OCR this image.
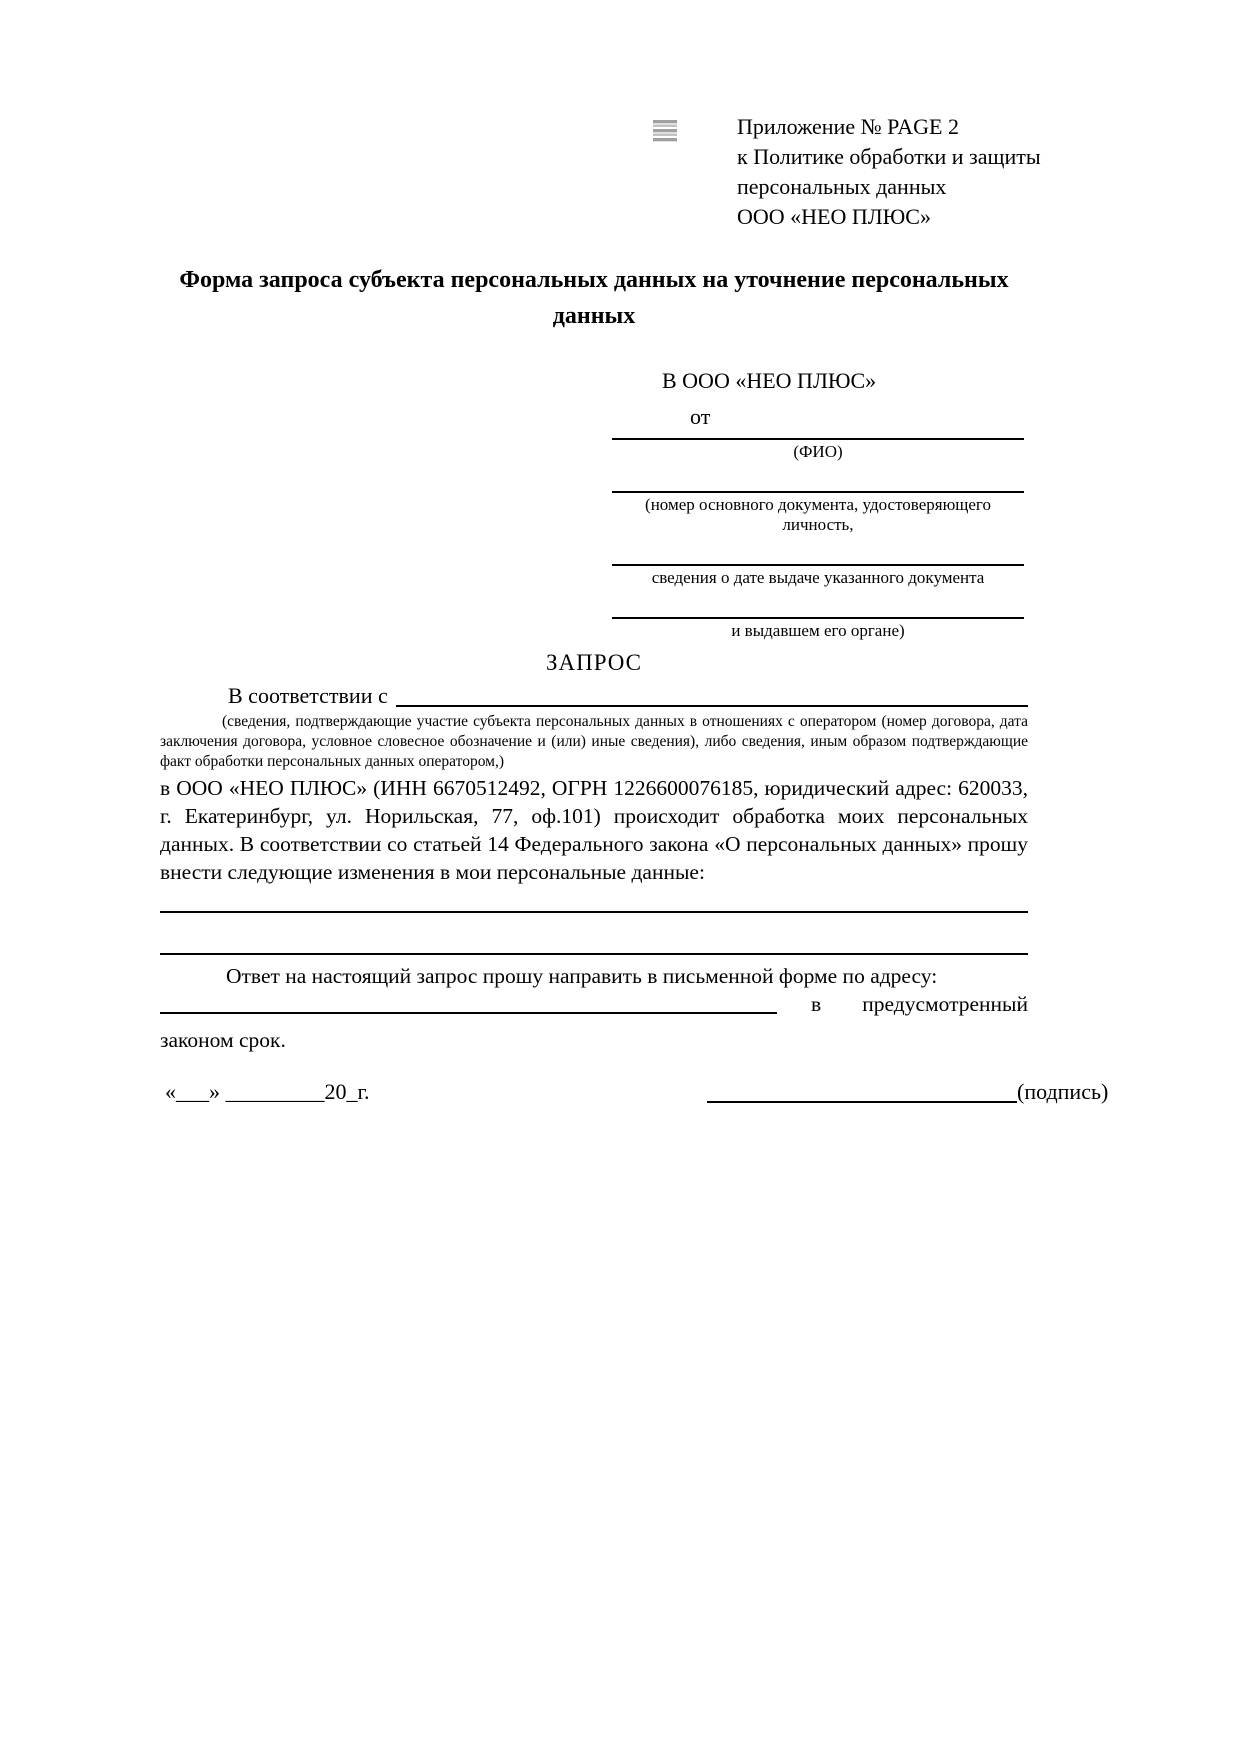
Приложение № PAGE 2
к Политике обработки и защиты
персональных данных
ООО «НЕО ПЛЮС»
Форма запроса субъекта персональных данных на уточнение персональных данных
В ООО «НЕО ПЛЮС»
от
(ФИО)
(номер основного документа, удостоверяющего личность,
сведения о дате выдаче указанного документа
и выдавшем его органе)
ЗАПРОС
В соответствии с
(сведения, подтверждающие участие субъекта персональных данных в отношениях с оператором (номер договора, дата заключения договора, условное словесное обозначение и (или) иные сведения), либо сведения, иным образом подтверждающие факт обработки персональных данных оператором,)
в ООО «НЕО ПЛЮС» (ИНН 6670512492, ОГРН 1226600076185, юридический адрес: 620033, г. Екатеринбург, ул. Норильская, 77, оф.101) происходит обработка моих персональных данных. В соответствии со статьей 14 Федерального закона «О персональных данных» прошу внести следующие изменения в мои персональные данные:
Ответ на настоящий запрос прошу направить в письменной форме по адресу:
в предусмотренный
законом срок.
«___» _________20_г.	(подпись)
